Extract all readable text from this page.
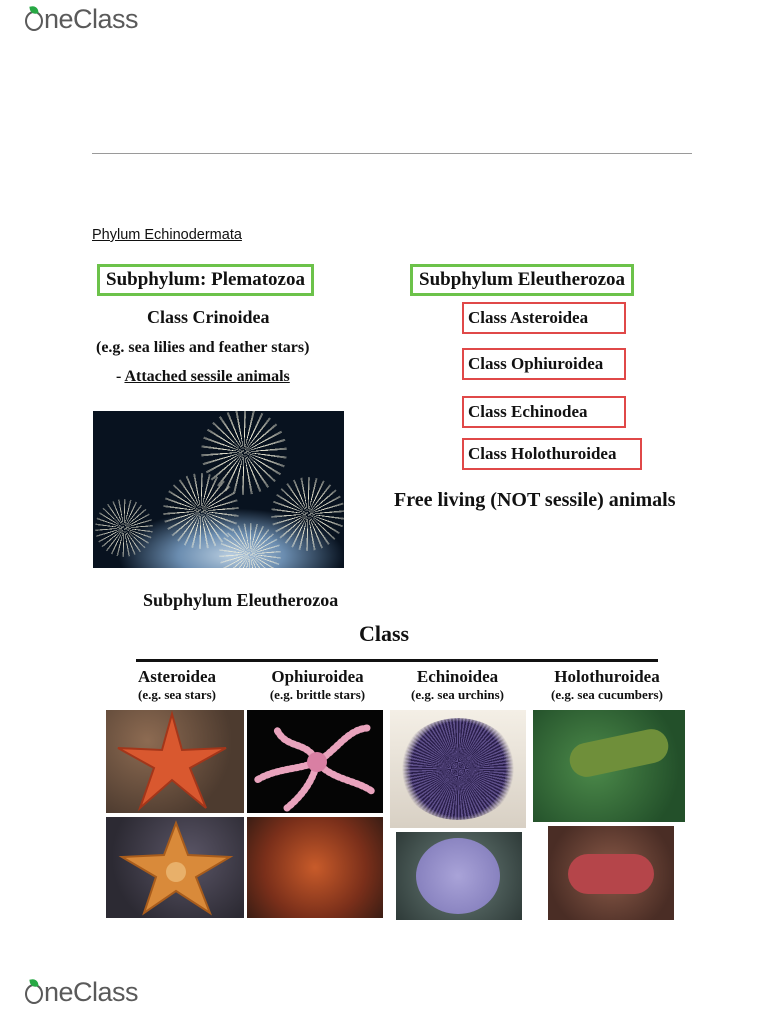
neClass
Phylum Echinodermata
Subphylum: Plematozoa
Class Crinoidea
(e.g. sea lilies and feather stars)
- Attached sessile animals
Subphylum Eleutherozoa
Class Asteroidea
Class Ophiuroidea
Class Echinodea
Class Holothuroidea
Free living (NOT sessile) animals
Subphylum Eleutherozoa
Class
Asteroidea
(e.g. sea stars)
Ophiuroidea
(e.g. brittle stars)
Echinoidea
(e.g. sea urchins)
Holothuroidea
(e.g. sea cucumbers)
neClass
